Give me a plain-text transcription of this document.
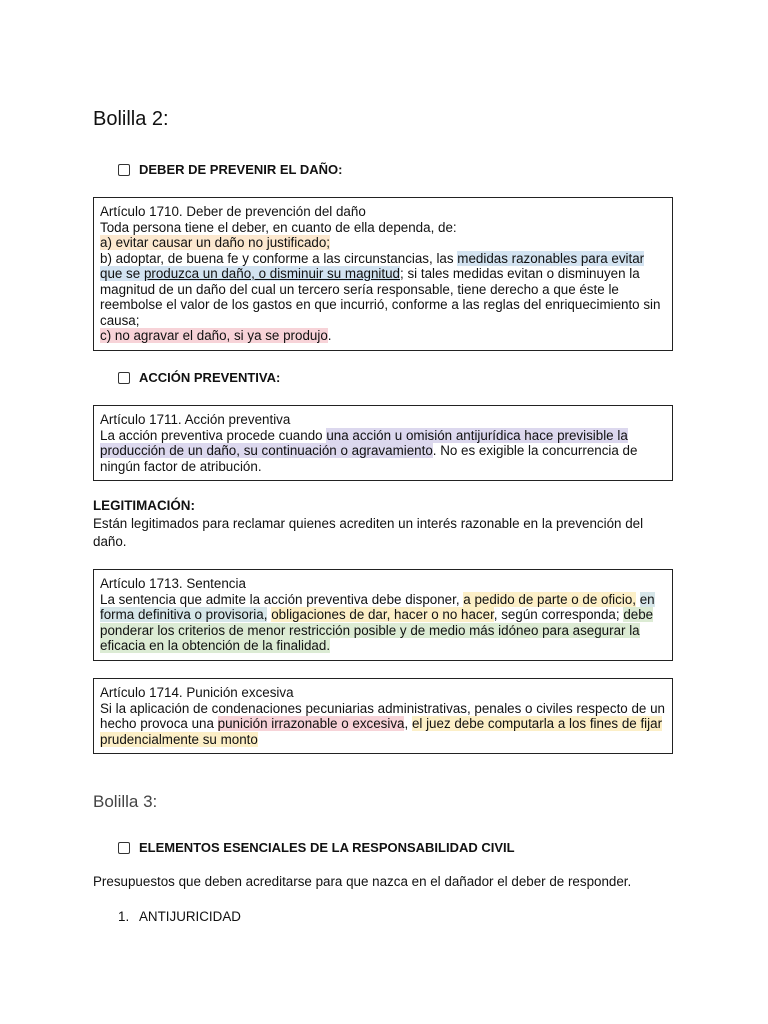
Bolilla 2:
DEBER DE PREVENIR EL DAÑO:

Artículo 1710. Deber de prevención del daño

Toda persona tiene el deber, en cuanto de ella dependa, de:

a) evitar causar un daño no justificado;

b) adoptar, de buena fe y conforme a las circunstancias, las medidas razonables para evitar que se produzca un daño, o disminuir su magnitud; si tales medidas evitan o disminuyen la magnitud de un daño del cual un tercero sería responsable, tiene derecho a que éste le reembolse el valor de los gastos en que incurrió, conforme a las reglas del enriquecimiento sin causa;

c) no agravar el daño, si ya se produjo.

ACCIÓN PREVENTIVA:

Artículo 1711. Acción preventiva

La acción preventiva procede cuando una acción u omisión antijurídica hace previsible la producción de un daño, su continuación o agravamiento. No es exigible la concurrencia de ningún factor de atribución.

LEGITIMACIÓN:
Están legitimados para reclamar quienes acrediten un interés razonable en la prevención del daño.

Artículo 1713. Sentencia

La sentencia que admite la acción preventiva debe disponer, a pedido de parte o de oficio, en forma definitiva o provisoria, obligaciones de dar, hacer o no hacer, según corresponda; debe ponderar los criterios de menor restricción posible y de medio más idóneo para asegurar la eficacia en la obtención de la finalidad.

Artículo 1714. Punición excesiva

Si la aplicación de condenaciones pecuniarias administrativas, penales o civiles respecto de un hecho provoca una punición irrazonable o excesiva, el juez debe computarla a los fines de fijar prudencialmente su monto

Bolilla 3:
ELEMENTOS ESENCIALES DE LA RESPONSABILIDAD CIVIL
Presupuestos que deben acreditarse para que nazca en el dañador el deber de responder.
1. ANTIJURICIDAD
